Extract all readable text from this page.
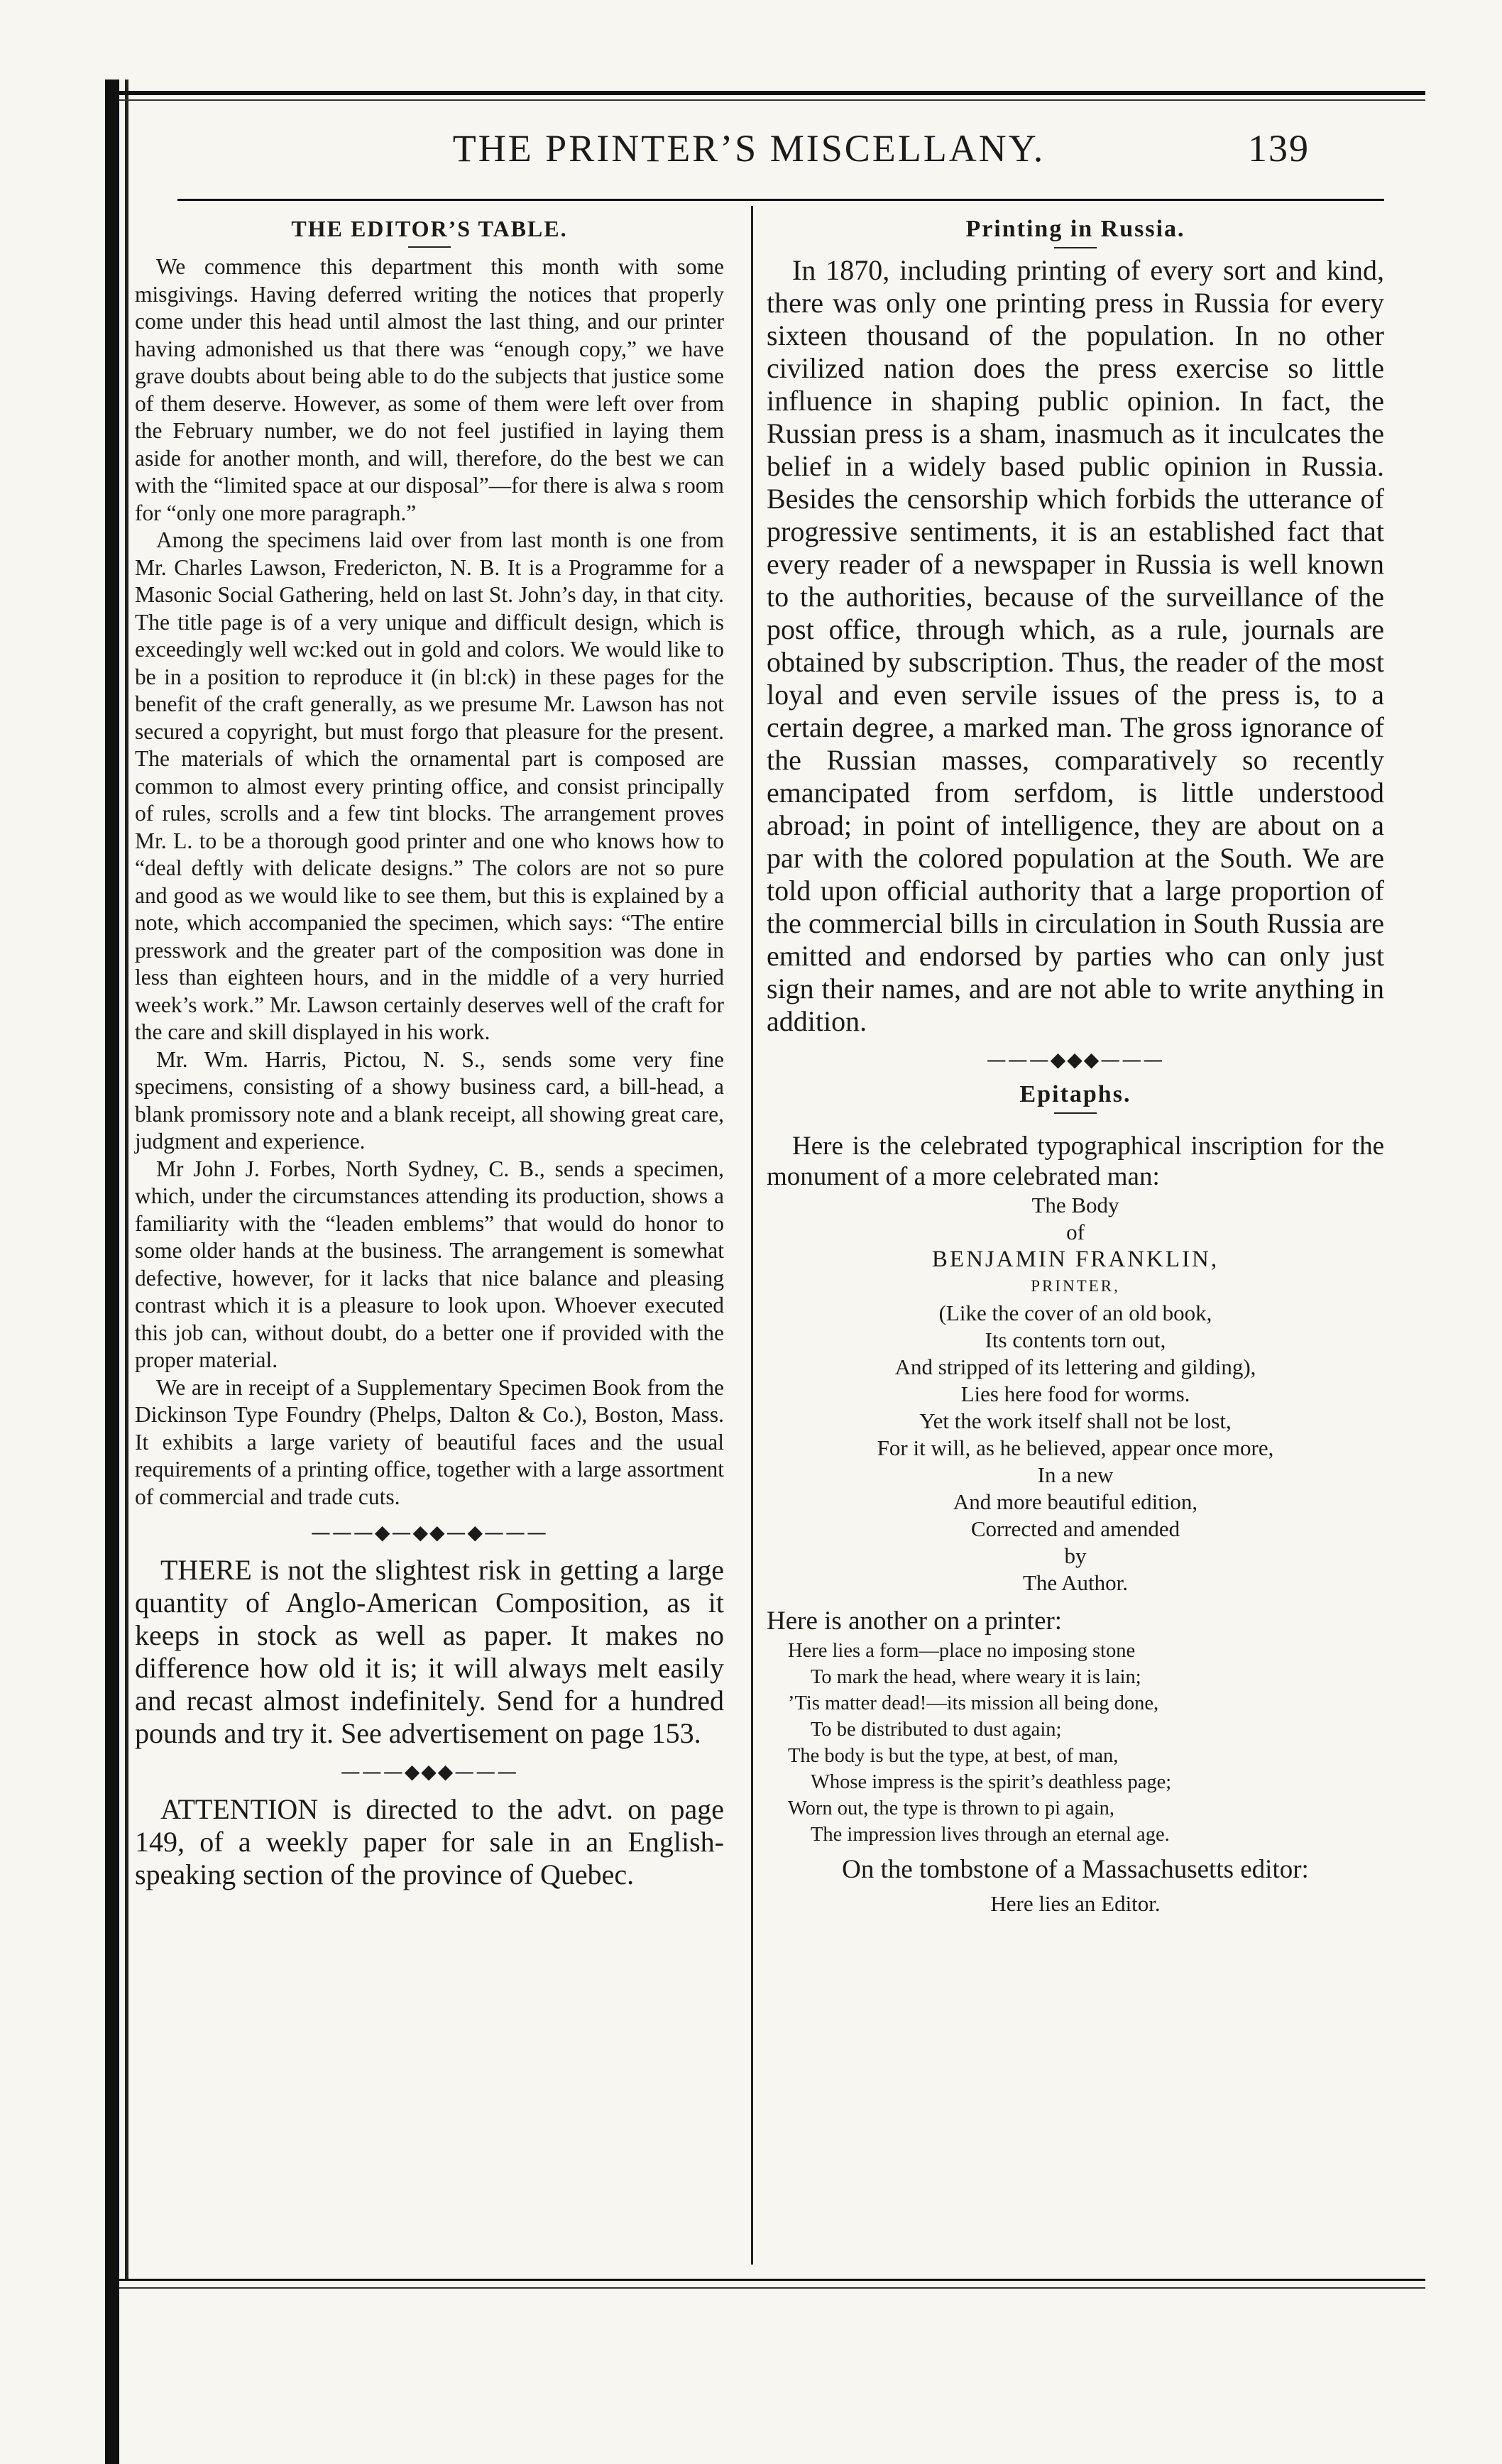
THE PRINTER’S MISCELLANY.	139
THE EDITOR’S TABLE.

We commence this department this month with some misgivings. Having deferred writing the notices that properly come under this head until almost the last thing, and our printer having admonished us that there was “enough copy,” we have grave doubts about being able to do the subjects that justice some of them deserve. However, as some of them were left over from the February number, we do not feel justified in laying them aside for another month, and will, therefore, do the best we can with the “limited space at our disposal”—for there is alwa s room for “only one more paragraph.”

Among the specimens laid over from last month is one from Mr. Charles Lawson, Fredericton, N. B. It is a Programme for a Masonic Social Gathering, held on last St. John’s day, in that city. The title page is of a very unique and difficult design, which is exceedingly well wc:ked out in gold and colors. We would like to be in a position to reproduce it (in bl:ck) in these pages for the benefit of the craft generally, as we presume Mr. Lawson has not secured a copyright, but must forgo that pleasure for the present. The materials of which the ornamental part is composed are common to almost every printing office, and consist principally of rules, scrolls and a few tint blocks. The arrangement proves Mr. L. to be a thorough good printer and one who knows how to “deal deftly with delicate designs.” The colors are not so pure and good as we would like to see them, but this is explained by a note, which accompanied the specimen, which says: “The entire presswork and the greater part of the composition was done in less than eighteen hours, and in the middle of a very hurried week’s work.” Mr. Lawson certainly deserves well of the craft for the care and skill displayed in his work.

Mr. Wm. Harris, Pictou, N. S., sends some very fine specimens, consisting of a showy business card, a bill-head, a blank promissory note and a blank receipt, all showing great care, judgment and experience.

Mr John J. Forbes, North Sydney, C. B., sends a specimen, which, under the circumstances attending its production, shows a familiarity with the “leaden emblems” that would do honor to some older hands at the business. The arrangement is somewhat defective, however, for it lacks that nice balance and pleasing contrast which it is a pleasure to look upon. Whoever executed this job can, without doubt, do a better one if provided with the proper material.

We are in receipt of a Supplementary Specimen Book from the Dickinson Type Foundry (Phelps, Dalton & Co.), Boston, Mass. It exhibits a large variety of beautiful faces and the usual requirements of a printing office, together with a large assortment of commercial and trade cuts.

———◆—◆◆—◆———

THERE is not the slightest risk in getting a large quantity of Anglo-American Composition, as it keeps in stock as well as paper. It makes no difference how old it is; it will always melt easily and recast almost indefinitely. Send for a hundred pounds and try it. See advertisement on page 153.

———◆◆◆———

ATTENTION is directed to the advt. on page 149, of a weekly paper for sale in an English-speaking section of the province of Quebec.

Printing in Russia.

In 1870, including printing of every sort and kind, there was only one printing press in Russia for every sixteen thousand of the population. In no other civilized nation does the press exercise so little influence in shaping public opinion. In fact, the Russian press is a sham, inasmuch as it inculcates the belief in a widely based public opinion in Russia. Besides the censorship which forbids the utterance of progressive sentiments, it is an established fact that every reader of a newspaper in Russia is well known to the authorities, because of the surveillance of the post office, through which, as a rule, journals are obtained by subscription. Thus, the reader of the most loyal and even servile issues of the press is, to a certain degree, a marked man. The gross ignorance of the Russian masses, comparatively so recently emancipated from serfdom, is little understood abroad; in point of intelligence, they are about on a par with the colored population at the South. We are told upon official authority that a large proportion of the commercial bills in circulation in South Russia are emitted and endorsed by parties who can only just sign their names, and are not able to write anything in addition.

———◆◆◆———
Epitaphs.

Here is the celebrated typographical inscription for the monument of a more celebrated man:

The Body
of
BENJAMIN FRANKLIN,
PRINTER,
(Like the cover of an old book,
Its contents torn out,
And stripped of its lettering and gilding),
Lies here food for worms.
Yet the work itself shall not be lost,
For it will, as he believed, appear once more,
In a new
And more beautiful edition,
Corrected and amended
by
The Author.
Here is another on a printer:
Here lies a form—place no imposing stone
To mark the head, where weary it is lain;
’Tis matter dead!—its mission all being done,
To be distributed to dust again;
The body is but the type, at best, of man,
Whose impress is the spirit’s deathless page;
Worn out, the type is thrown to pi again,
The impression lives through an eternal age.
On the tombstone of a Massachusetts editor:
Here lies an Editor.
